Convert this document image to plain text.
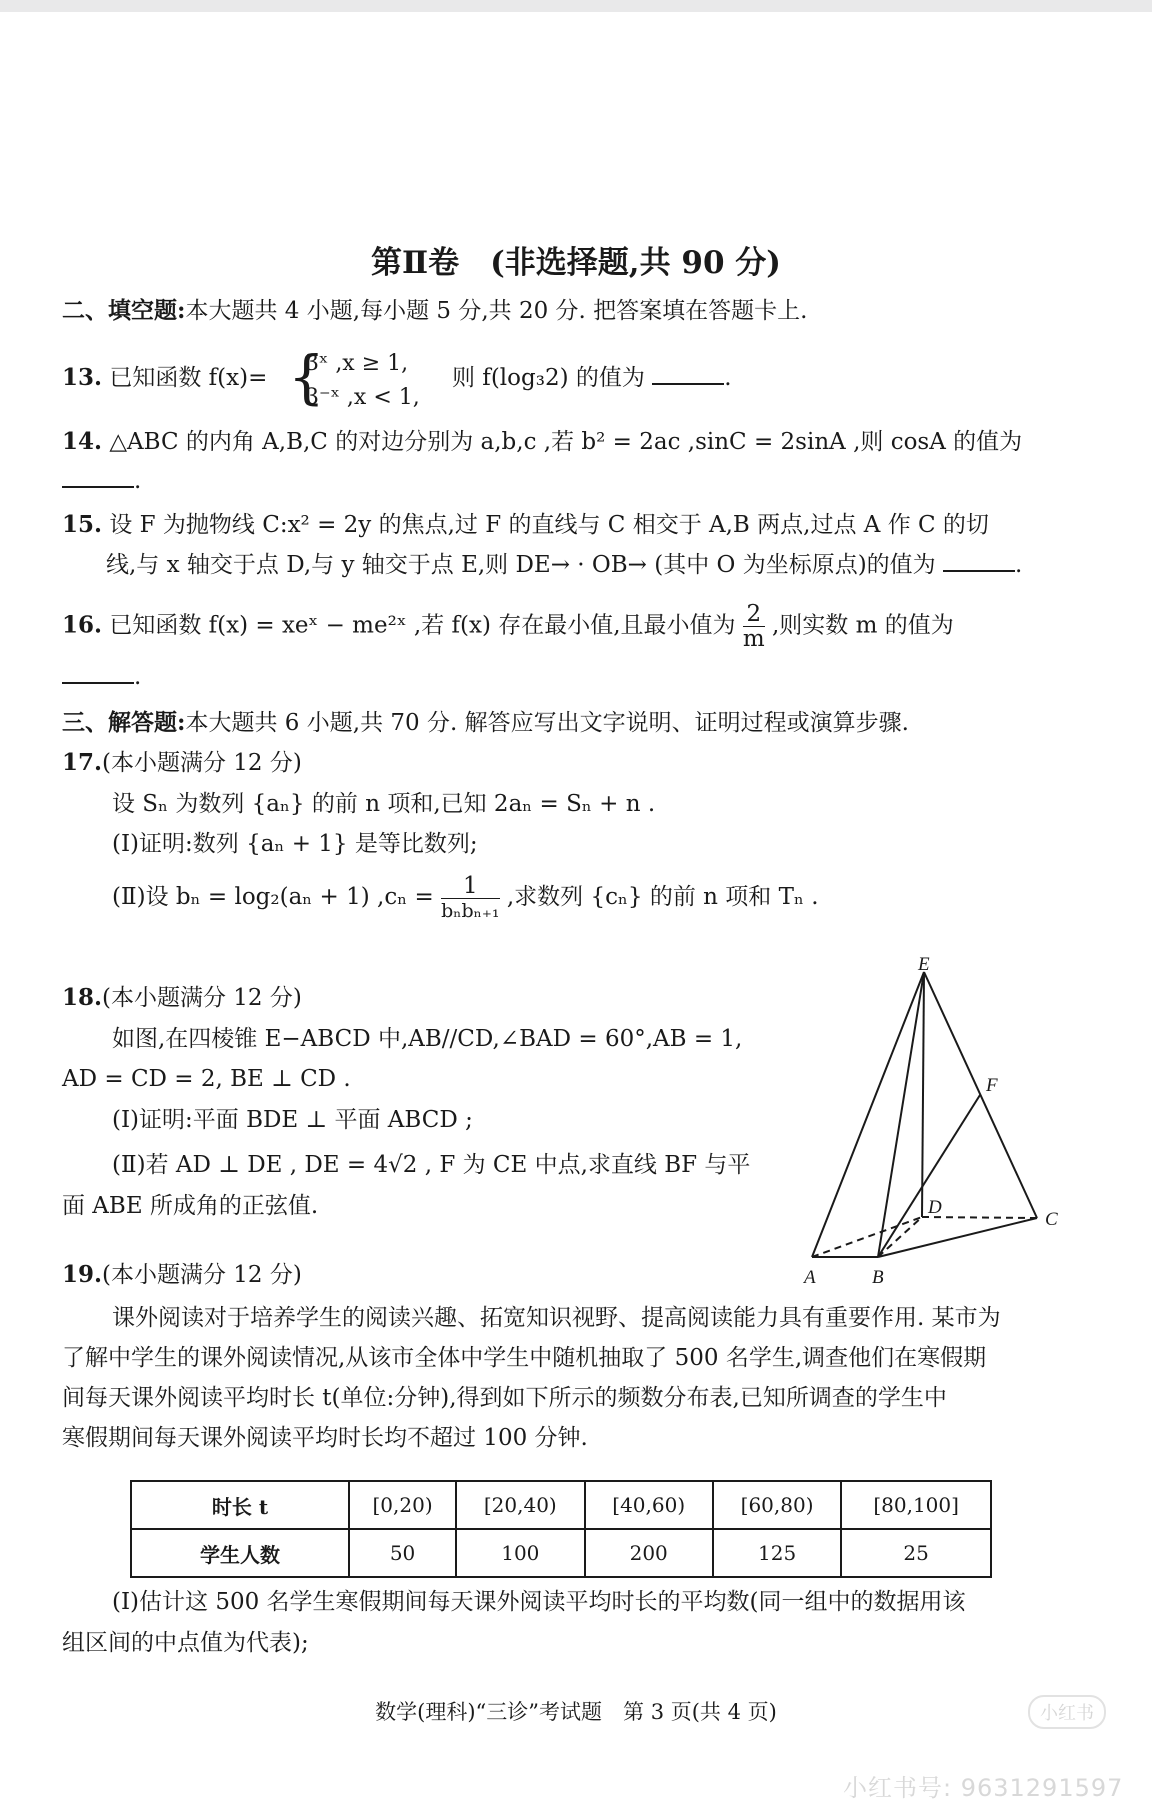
第Ⅱ卷　(非选择题,共 90 分)
二、填空题:本大题共 4 小题,每小题 5 分,共 20 分. 把答案填在答题卡上.
13. 已知函数 f(x)= {
3ˣ ,x ≥ 1,
3⁻ˣ ,x < 1,
则 f(log₃2) 的值为	.
14. △ABC 的内角 A,B,C 的对边分别为 a,b,c ,若 b² = 2ac ,sinC = 2sinA ,则 cosA 的值为
.
15. 设 F 为抛物线 C:x² = 2y 的焦点,过 F 的直线与 C 相交于 A,B 两点,过点 A 作 C 的切
线,与 x 轴交于点 D,与 y 轴交于点 E,则 DE→ · OB→ (其中 O 为坐标原点)的值为	.
16. 已知函数 f(x) = xeˣ − me²ˣ ,若 f(x) 存在最小值,且最小值为 $\frac{2}{m}$ ,则实数 m 的值为
.
三、解答题:本大题共 6 小题,共 70 分. 解答应写出文字说明、证明过程或演算步骤.
17.(本小题满分 12 分)
设 Sₙ 为数列 {aₙ} 的前 n 项和,已知 2aₙ = Sₙ + n .
(Ⅰ)证明:数列 {aₙ + 1} 是等比数列;
(Ⅱ)设 bₙ = log₂(aₙ + 1) $,c_n = \frac{1}{\text{bₙbₙ₊₁}}$ ,求数列 {cₙ} 的前 n 项和 Tₙ .
18.(本小题满分 12 分)
如图,在四棱锥 E−ABCD 中,AB//CD,∠BAD = 60°,AB = 1,
AD = CD = 2, BE ⊥ CD .
(Ⅰ)证明:平面 BDE ⊥ 平面 ABCD ;
(Ⅱ)若 AD ⊥ DE , DE = 4√2 , F 为 CE 中点,求直线 BF 与平
面 ABE 所成角的正弦值.
E
F
D
C
A	B
19.(本小题满分 12 分)
课外阅读对于培养学生的阅读兴趣、拓宽知识视野、提高阅读能力具有重要作用. 某市为
了解中学生的课外阅读情况,从该市全体中学生中随机抽取了 500 名学生,调查他们在寒假期
间每天课外阅读平均时长 t(单位:分钟),得到如下所示的频数分布表,已知所调查的学生中
寒假期间每天课外阅读平均时长均不超过 100 分钟.
时长 t	[0,20)	[20,40)	[40,60)	[60,80)	[80,100]
学生人数	50	100	200	125	25
(Ⅰ)估计这 500 名学生寒假期间每天课外阅读平均时长的平均数(同一组中的数据用该
组区间的中点值为代表);
数学(理科)“三诊”考试题　第 3 页(共 4 页)	小红书
小红书号: 9631291597
